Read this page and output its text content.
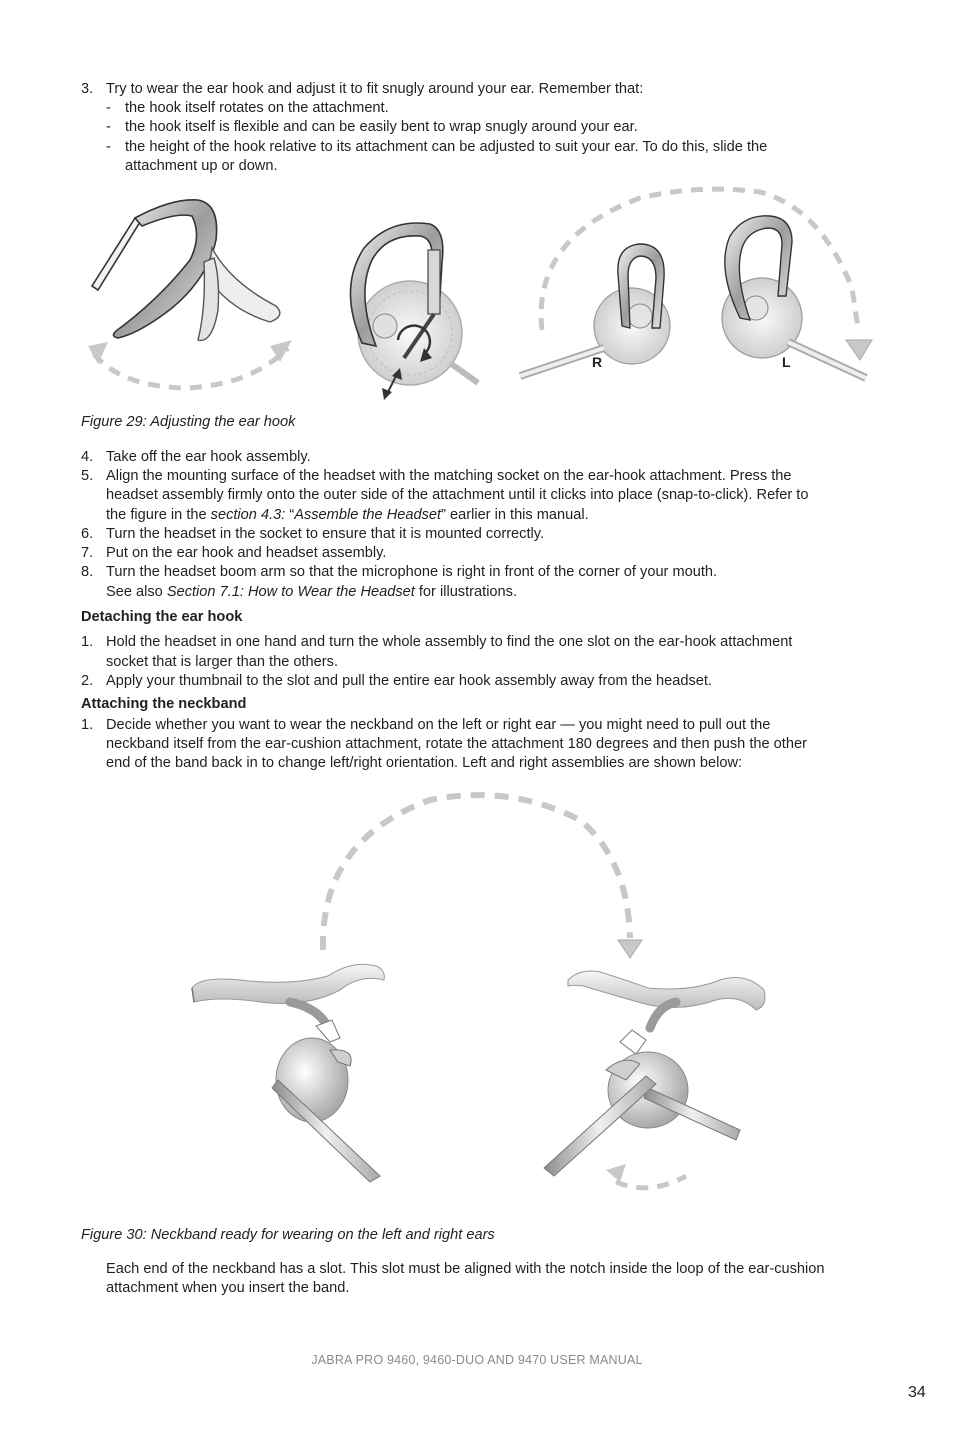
3. Try to wear the ear hook and adjust it to fit snugly around your ear. Remember that:
- the hook itself rotates on the attachment.
- the hook itself is flexible and can be easily bent to wrap snugly around your ear.
- the height of the hook relative to its attachment can be adjusted to suit your ear. To do this, slide the
attachment up or down.
R	L
Figure 29: Adjusting the ear hook
4. Take off the ear hook assembly.
5. Align the mounting surface of the headset with the matching socket on the ear-hook attachment. Press the
headset assembly firmly onto the outer side of the attachment until it clicks into place (snap-to-click). Refer to
the figure in the section 4.3: “Assemble the Headset” earlier in this manual.
6. Turn the headset in the socket to ensure that it is mounted correctly.
7. Put on the ear hook and headset assembly.
8. Turn the headset boom arm so that the microphone is right in front of the corner of your mouth.
See also Section 7.1: How to Wear the Headset for illustrations.
Detaching the ear hook
1. Hold the headset in one hand and turn the whole assembly to find the one slot on the ear-hook attachment
socket that is larger than the others.
2. Apply your thumbnail to the slot and pull the entire ear hook assembly away from the headset.
Attaching the neckband
1. Decide whether you want to wear the neckband on the left or right ear — you might need to pull out the
neckband itself from the ear-cushion attachment, rotate the attachment 180 degrees and then push the other
end of the band back in to change left/right orientation. Left and right assemblies are shown below:
Figure 30: Neckband ready for wearing on the left and right ears
Each end of the neckband has a slot. This slot must be aligned with the notch inside the loop of the ear-cushion
attachment when you insert the band.
JABRA PRO 9460, 9460-DUO AND 9470 USER MANUAL
34
